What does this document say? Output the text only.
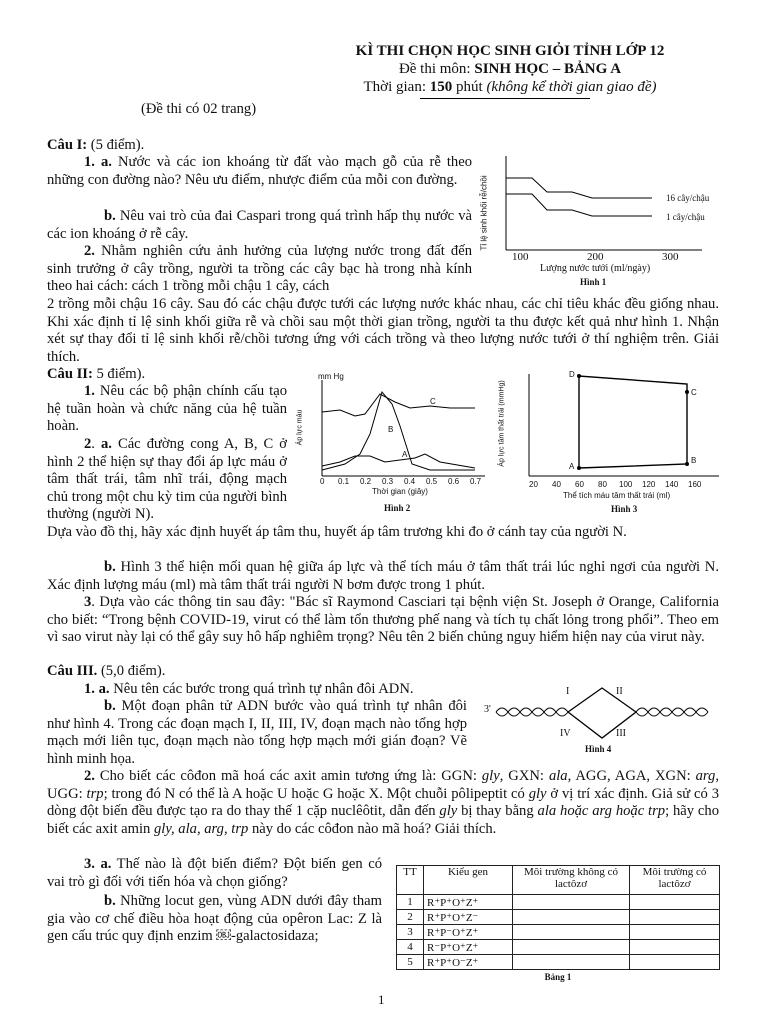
KÌ THI CHỌN HỌC SINH GIỎI TỈNH LỚP 12
Đề thi môn: SINH HỌC – BẢNG A
Thời gian: 150 phút (không kể thời gian giao đề)
(Đề thi có 02 trang)

Câu I: (5 điểm).

1. a. Nước và các ion khoáng từ đất vào mạch gỗ của rễ theo những con đường nào? Nêu ưu điểm, nhược điểm của mỗi con đường.

b. Nêu vai trò của đai Caspari trong quá trình hấp thụ nước và các ion khoáng ở rễ cây.

2. Nhằm nghiên cứu ảnh hưởng của lượng nước trong đất đến sinh trưởng ở cây trồng, người ta trồng các cây bạc hà trong nhà kính theo hai cách: cách 1 trồng mỗi chậu 1 cây, cách

2 trồng mỗi chậu 16 cây. Sau đó các chậu được tưới các lượng nước khác nhau, các chỉ tiêu khác đều giống nhau. Khi xác định tỉ lệ sinh khối giữa rễ và chồi sau một thời gian trồng, người ta thu được kết quả như hình 1. Nhận xét sự thay đổi tỉ lệ sinh khối rễ/chồi tương ứng với cách trồng và theo lượng nước tưới ở thí nghiệm trên. Giải thích.

Tỉ lệ sinh khối rễ/chồi	16 cây/chậu
1 cây/chậu
100	200	300
Lượng nước tưới (ml/ngày)
Hình 1

Câu II: 5 điểm).

1. Nêu các bộ phận chính cấu tạo hệ tuần hoàn và chức năng của hệ tuần hoàn.

2. a. Các đường cong A, B, C ở hình 2 thể hiện sự thay đổi áp lực máu ở tâm thất trái, tâm nhĩ trái, động mạch chủ trong một chu kỳ tim của người bình thường (người N).

Dựa vào đồ thị, hãy xác định huyết áp tâm thu, huyết áp tâm trương khi đo ở cánh tay của người N.

b. Hình 3 thể hiện mối quan hệ giữa áp lực và thể tích máu ở tâm thất trái lúc nghỉ ngơi của người N. Xác định lượng máu (ml) mà tâm thất trái người N bơm được trong 1 phút.

3. Dựa vào các thông tin sau đây: "Bác sĩ Raymond Casciari tại bệnh viện St. Joseph ở Orange, California cho biết: “Trong bệnh COVID-19, virut có thể làm tổn thương phế nang và tích tụ chất lỏng trong phổi”. Theo em vì sao virut này lại có thể gây suy hô hấp nghiêm trọng? Nêu tên 2 biến chủng nguy hiểm hiện nay của virut này.

mm Hg
Áp lực máu
C
B
A
0 0.1 0.2 0.3 0.4 0.5 0.6 0.7
Thời gian (giây)
Hình 2
Áp lực tâm thất trái (mmHg)
D
C
B
A
20 40 60 80 100 120 140 160
Thể tích máu tâm thất trái (ml)
Hình 3

Câu III. (5,0 điểm).

1. a. Nêu tên các bước trong quá trình tự nhân đôi ADN.

b. Một đoạn phân tử ADN bước vào quá trình tự nhân đôi như hình 4. Trong các đoạn mạch I, II, III, IV, đoạn mạch nào tổng hợp mạch mới liên tục, đoạn mạch nào tổng hợp mạch mới gián đoạn? Vẽ hình minh họa.

2. Cho biết các côđon mã hoá các axit amin tương ứng là: GGN: gly, GXN: ala, AGG, AGA, XGN: arg, UGG: trp; trong đó N có thể là A hoặc U hoặc G hoặc X. Một chuỗi pôlipeptit có gly ở vị trí xác định. Giả sử có 3 dòng đột biến đều được tạo ra do thay thế 1 cặp nuclêôtit, dẫn đến gly bị thay bằng ala hoặc arg hoặc trp; hãy cho biết các axit amin gly, ala, arg, trp này do các côđon nào mã hoá? Giải thích.

3. a. Thế nào là đột biến điểm? Đột biến gen có vai trò gì đối với tiến hóa và chọn giống?

b. Những locut gen, vùng ADN dưới đây tham gia vào cơ chế điều hòa hoạt động của opêron Lac: Z là gen cấu trúc quy định enzim ￼-galactosidaza;

3'
I	II
III
IV
Hình 4
TT	Kiểu gen	Môi trường không có lactôzơ	Môi trường có lactôzơ
1	R⁺P⁺O⁺Z⁺		
2	R⁺P⁺O⁺Z⁻		
3	R⁺P⁻O⁺Z⁺		
4	R⁻P⁺O⁺Z⁺		
5	R⁺P⁺O⁻Z⁺		
Bảng 1
1
